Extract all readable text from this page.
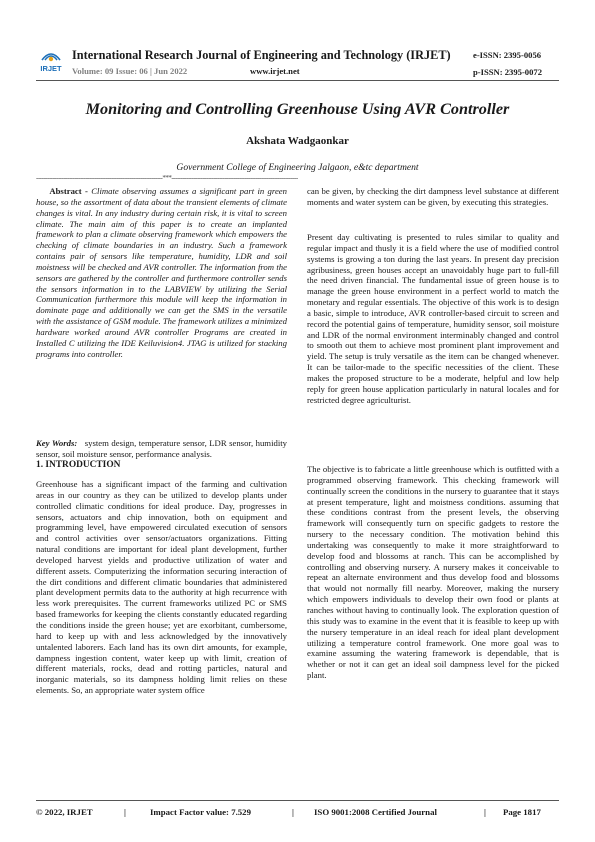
IRJET
International Research Journal of Engineering and Technology (IRJET)
Volume: 09 Issue: 06 | Jun 2022	www.irjet.net
e-ISSN: 2395-0056
p-ISSN: 2395-0072
Monitoring and Controlling Greenhouse Using AVR Controller
Akshata Wadgaonkar
Government College of Engineering Jalgaon, e&tc department
---------------------------------------------------------------------***---------------------------------------------------------------------

Abstract - Climate observing assumes a significant part in green house, so the assortment of data about the transient elements of climate changes is vital. In any industry during certain risk, it is vital to screen climate. The main aim of this paper is to create an implanted framework to plan a climate observing framework which empowers the checking of climate boundaries in an industry. Such a framework contains pair of sensors like temperature, humidity, LDR and soil moistness will be checked and AVR controller. The information from the sensors are gathered by the controller and furthermore controller sends the sensors information in to the LABVIEW by utilizing the Serial Communication furthermore this module will keep the information in dominate page and additionally we can get the SMS in the versatile with the assistance of GSM module. The framework utilizes a minimized hardware worked around AVR controller Programs are created in Installed C utilizing the IDE Keiluvision4. JTAG is utilized for stacking programs into controller.

Key Words: system design, temperature sensor, LDR sensor, humidity sensor, soil moisture sensor, performance analysis.

1. INTRODUCTION

Greenhouse has a significant impact of the farming and cultivation areas in our country as they can be utilized to develop plants under controlled climatic conditions for ideal produce. Day, progresses in sensors, actuators and chip innovation, both on equipment and programming level, have empowered circulated execution of sensors and control activities over sensor/actuators organizations. Fitting natural conditions are important for ideal plant development, further developed harvest yields and productive utilization of water and different assets. Computerizing the information securing interaction of the dirt conditions and different climatic boundaries that administered plant development permits data to the authority at high recurrence with less work prerequisites. The current frameworks utilized PC or SMS based frameworks for keeping the clients constantly educated regarding the conditions inside the green house; yet are exorbitant, cumbersome, hard to keep up with and less acknowledged by the innovatively untalented laborers. Each land has its own dirt amounts, for example, dampness ingestion content, water keep up with limit, creation of different materials, rocks, dead and rotting particles, natural and inorganic materials, so its dampness holding limit relies on these elements. So, an appropriate water system office

can be given, by checking the dirt dampness level substance at different moments and water system can be given, by executing this strategies.

Present day cultivating is presented to rules similar to quality and regular impact and thusly it is a field where the use of modified control systems is growing a ton during the last years. In present day precision agribusiness, green houses accept an unavoidably huge part to full-fill the need driven financial. The fundamental issue of green house is to manage the green house environment in a perfect world to match the monetary and regular essentials. The objective of this work is to design a basic, simple to introduce, AVR controller-based circuit to screen and record the potential gains of temperature, humidity sensor, soil moisture and LDR of the normal environment interminably changed and control to smooth out them to achieve most prominent plant improvement and yield. The setup is truly versatile as the item can be changed whenever. It can be tailor-made to the specific necessities of the client. These makes the proposed structure to be a moderate, helpful and low help reply for green house application particularly in natural locales and for restricted degree agriculturist.

The objective is to fabricate a little greenhouse which is outfitted with a programmed observing framework. This checking framework will continually screen the conditions in the nursery to guarantee that it stays at present temperature, light and moistness conditions. assuming that these conditions contrast from the present levels, the observing framework will consequently turn on specific gadgets to restore the nursery to the necessary condition. The motivation behind this undertaking was consequently to make it more straightforward to develop food and blossoms at ranch. This can be accomplished by controlling and observing nursery. A nursery makes it conceivable to repeat an alternate environment and thus develop food and blossoms that would not normally fill nearby. Moreover, making the nursery which empowers individuals to develop their own food or plants at ranches without having to continually look. The exploration question of this study was to examine in the event that it is feasible to keep up with the nursery temperature in an ideal reach for ideal plant development utilizing a temperature control framework. One more goal was to examine assuming the watering framework is dependable, that is whether or not it can get an ideal soil dampness level for the picked plant.

© 2022, IRJET	|	Impact Factor value: 7.529	| ISO 9001:2008 Certified Journal	| Page 1817
